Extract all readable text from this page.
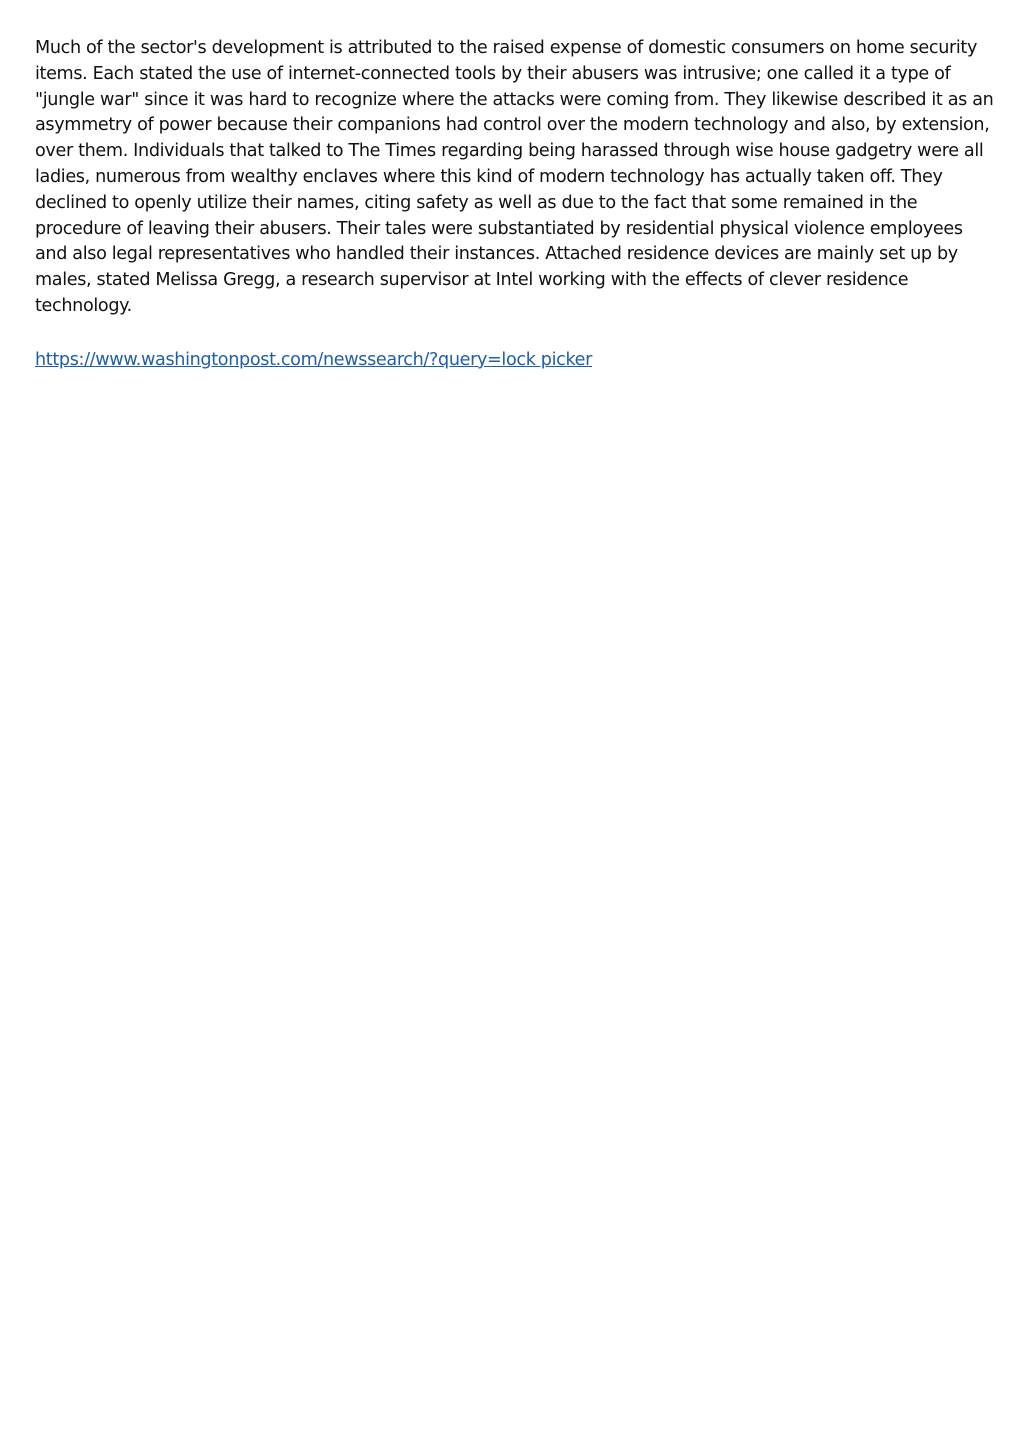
Much of the sector's development is attributed to the raised expense of domestic consumers on home security items. Each stated the use of internet-connected tools by their abusers was intrusive; one called it a type of "jungle war" since it was hard to recognize where the attacks were coming from. They likewise described it as an asymmetry of power because their companions had control over the modern technology and also, by extension, over them. Individuals that talked to The Times regarding being harassed through wise house gadgetry were all ladies, numerous from wealthy enclaves where this kind of modern technology has actually taken off. They declined to openly utilize their names, citing safety as well as due to the fact that some remained in the procedure of leaving their abusers. Their tales were substantiated by residential physical violence employees and also legal representatives who handled their instances. Attached residence devices are mainly set up by males, stated Melissa Gregg, a research supervisor at Intel working with the effects of clever residence technology.

https://www.washingtonpost.com/newssearch/?query=lock picker
